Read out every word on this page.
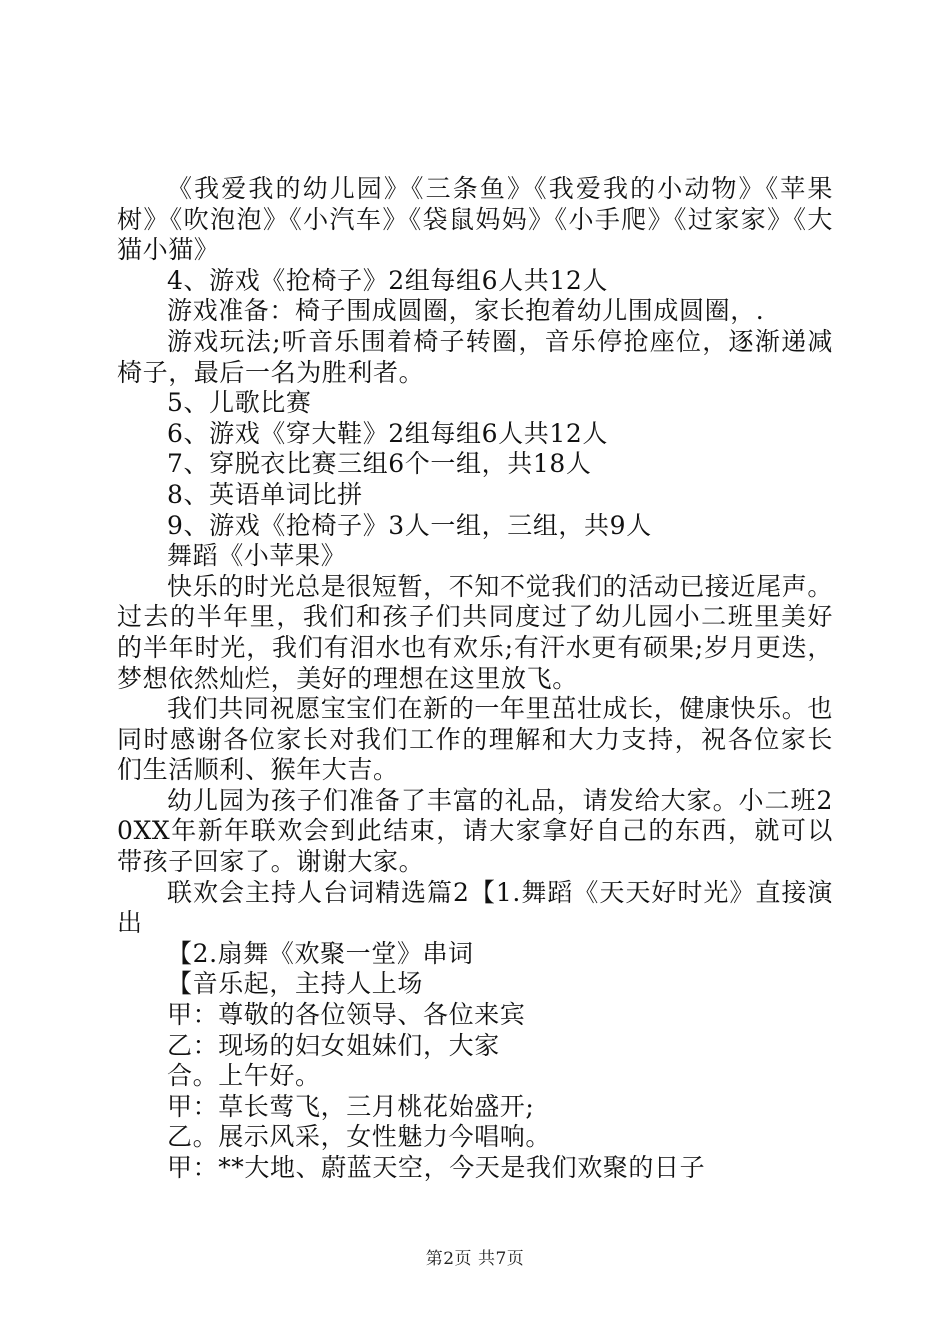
《我爱我的幼儿园》《三条鱼》《我爱我的小动物》《苹果树》《吹泡泡》《小汽车》《袋鼠妈妈》《小手爬》《过家家》《大猫小猫》

4、游戏《抢椅子》2组每组6人共12人

游戏准备：椅子围成圆圈，家长抱着幼儿围成圆圈，.

游戏玩法;听音乐围着椅子转圈，音乐停抢座位，逐渐递减椅子，最后一名为胜利者。

5、儿歌比赛

6、游戏《穿大鞋》2组每组6人共12人

7、穿脱衣比赛三组6个一组，共18人

8、英语单词比拼

9、游戏《抢椅子》3人一组，三组，共9人

舞蹈《小苹果》

快乐的时光总是很短暂，不知不觉我们的活动已接近尾声。过去的半年里，我们和孩子们共同度过了幼儿园小二班里美好的半年时光，我们有泪水也有欢乐;有汗水更有硕果;岁月更迭，梦想依然灿烂，美好的理想在这里放飞。

我们共同祝愿宝宝们在新的一年里茁壮成长，健康快乐。也同时感谢各位家长对我们工作的理解和大力支持，祝各位家长们生活顺利、猴年大吉。

幼儿园为孩子们准备了丰富的礼品，请发给大家。小二班20XX年新年联欢会到此结束，请大家拿好自己的东西，就可以带孩子回家了。谢谢大家。

联欢会主持人台词精选篇2【1.舞蹈《天天好时光》直接演出

【2.扇舞《欢聚一堂》串词

【音乐起，主持人上场

甲：尊敬的各位领导、各位来宾

乙：现场的妇女姐妹们，大家

合。上午好。

甲：草长莺飞，三月桃花始盛开;

乙。展示风采，女性魅力今唱响。

甲：**大地、蔚蓝天空，今天是我们欢聚的日子

第2页 共7页
